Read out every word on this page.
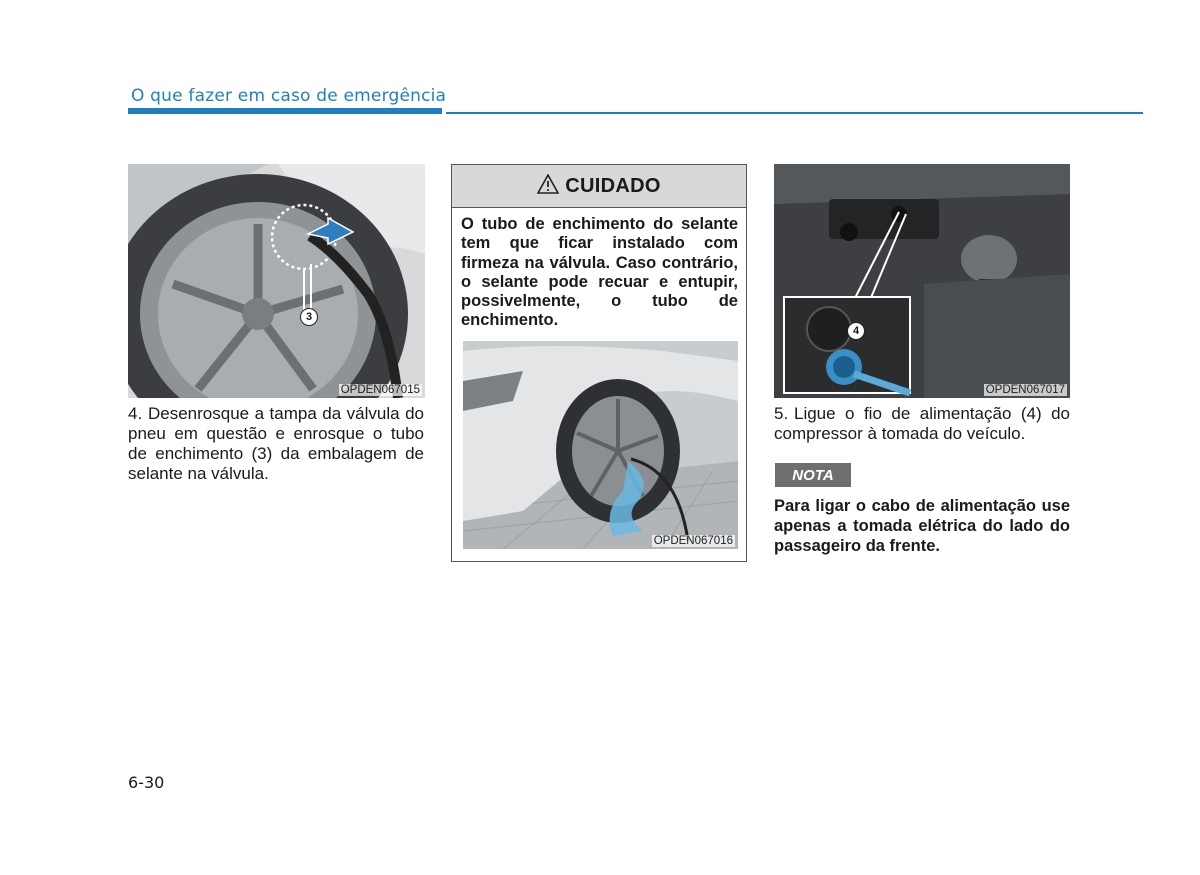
O que fazer em caso de emergência
3
OPDEN067015
4. Desenrosque a tampa da válvula do pneu em questão e enrosque o tubo de enchimento (3) da embalagem de selante na válvula.
CUIDADO
O tubo de enchimento do selante tem que ficar instalado com firmeza na válvula. Caso contrário, o selante pode recuar e entupir, possivelmente, o tubo de enchimento.
OPDEN067016
4
OPDEN067017
5. Ligue o fio de alimentação (4) do compressor à tomada do veículo.
NOTA
Para ligar o cabo de alimentação use apenas a tomada elétrica do lado do passageiro da frente.
6-30
